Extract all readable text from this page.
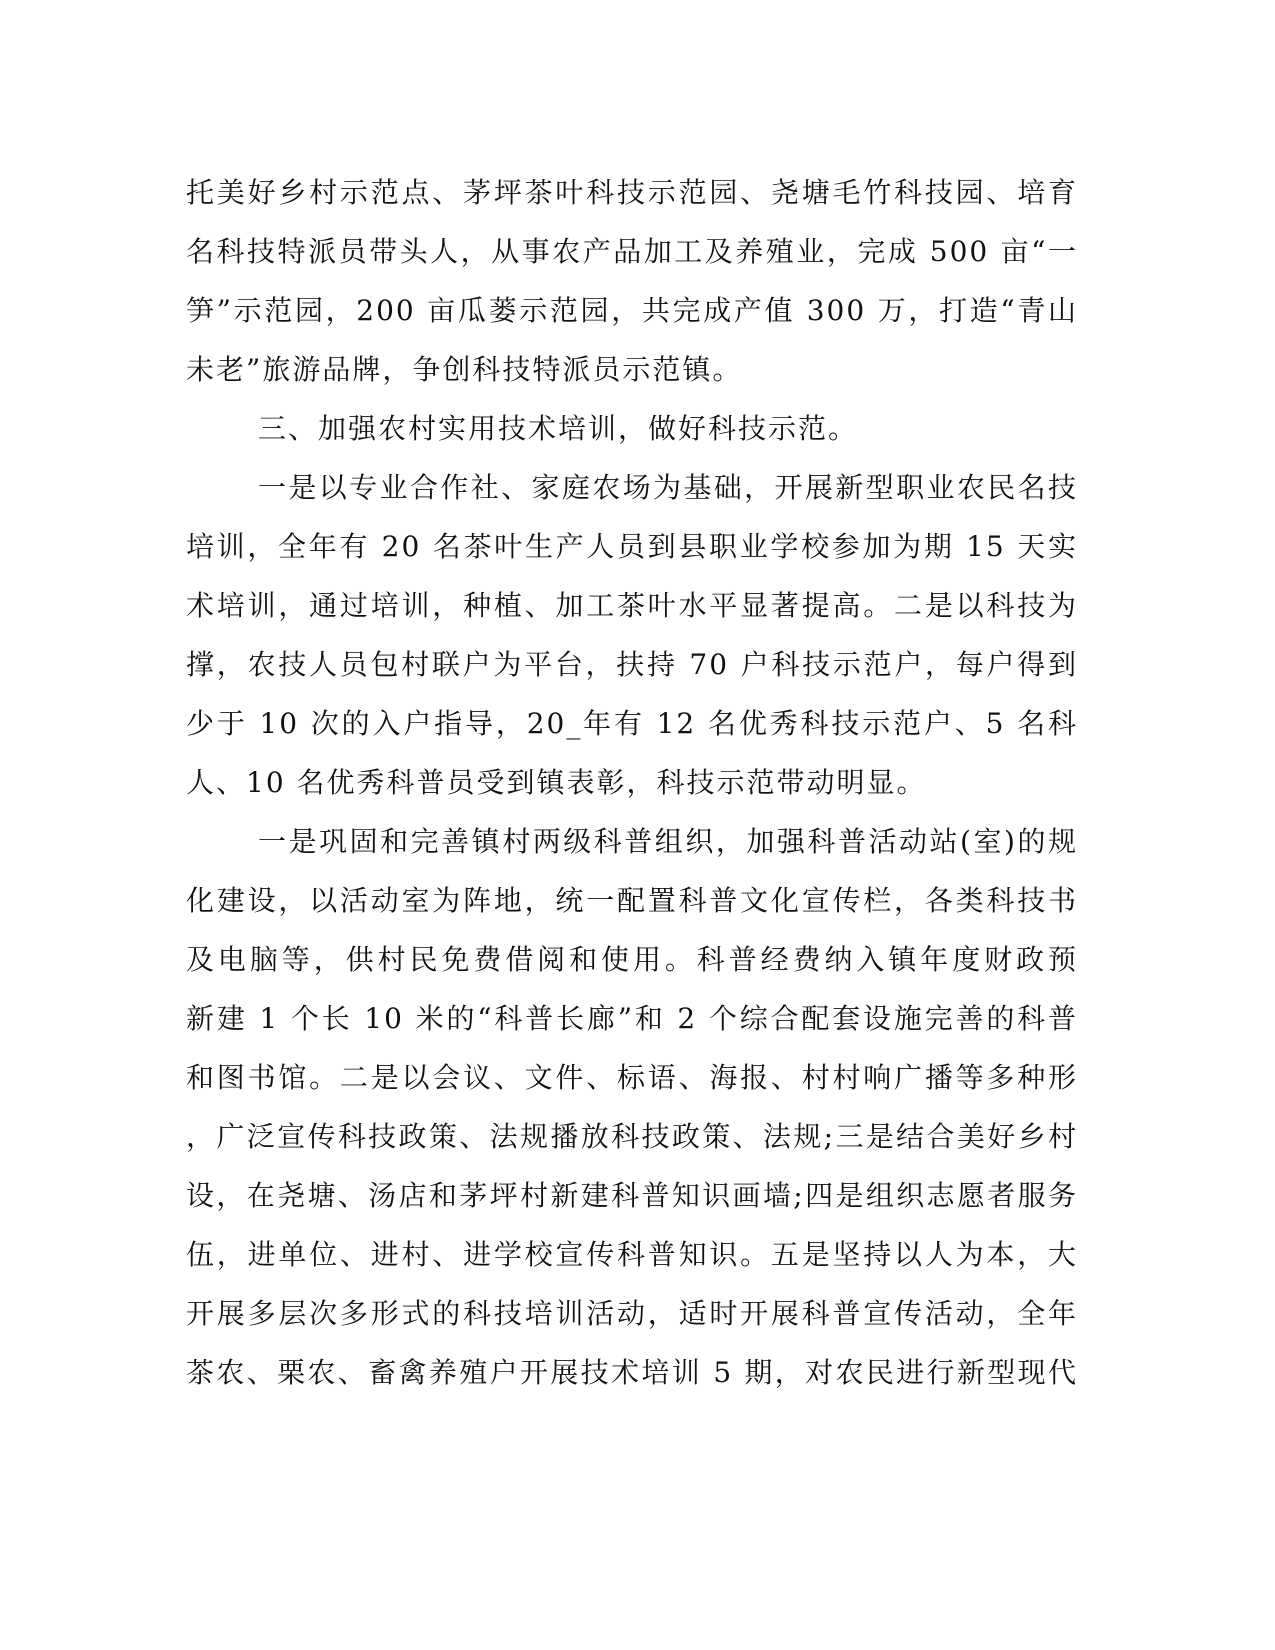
托美好乡村示范点、茅坪茶叶科技示范园、尧塘毛竹科技园、培育
名科技特派员带头人，从事农产品加工及养殖业，完成 500 亩“一
笋”示范园，200 亩瓜蒌示范园，共完成产值 300 万，打造“青山
未老”旅游品牌，争创科技特派员示范镇。
三、加强农村实用技术培训，做好科技示范。
一是以专业合作社、家庭农场为基础，开展新型职业农民名技
培训，全年有 20 名茶叶生产人员到县职业学校参加为期 15 天实
术培训，通过培训，种植、加工茶叶水平显著提高。二是以科技为
撑，农技人员包村联户为平台，扶持 70 户科技示范户，每户得到
少于 10 次的入户指导，20_年有 12 名优秀科技示范户、5 名科
人、10 名优秀科普员受到镇表彰，科技示范带动明显。
一是巩固和完善镇村两级科普组织，加强科普活动站(室)的规
化建设，以活动室为阵地，统一配置科普文化宣传栏，各类科技书
及电脑等，供村民免费借阅和使用。科普经费纳入镇年度财政预
新建 1 个长 10 米的“科普长廊”和 2 个综合配套设施完善的科普
和图书馆。二是以会议、文件、标语、海报、村村响广播等多种形
，广泛宣传科技政策、法规播放科技政策、法规;三是结合美好乡村
设，在尧塘、汤店和茅坪村新建科普知识画墙;四是组织志愿者服务
伍，进单位、进村、进学校宣传科普知识。五是坚持以人为本，大
开展多层次多形式的科技培训活动，适时开展科普宣传活动，全年
茶农、栗农、畜禽养殖户开展技术培训 5 期，对农民进行新型现代
